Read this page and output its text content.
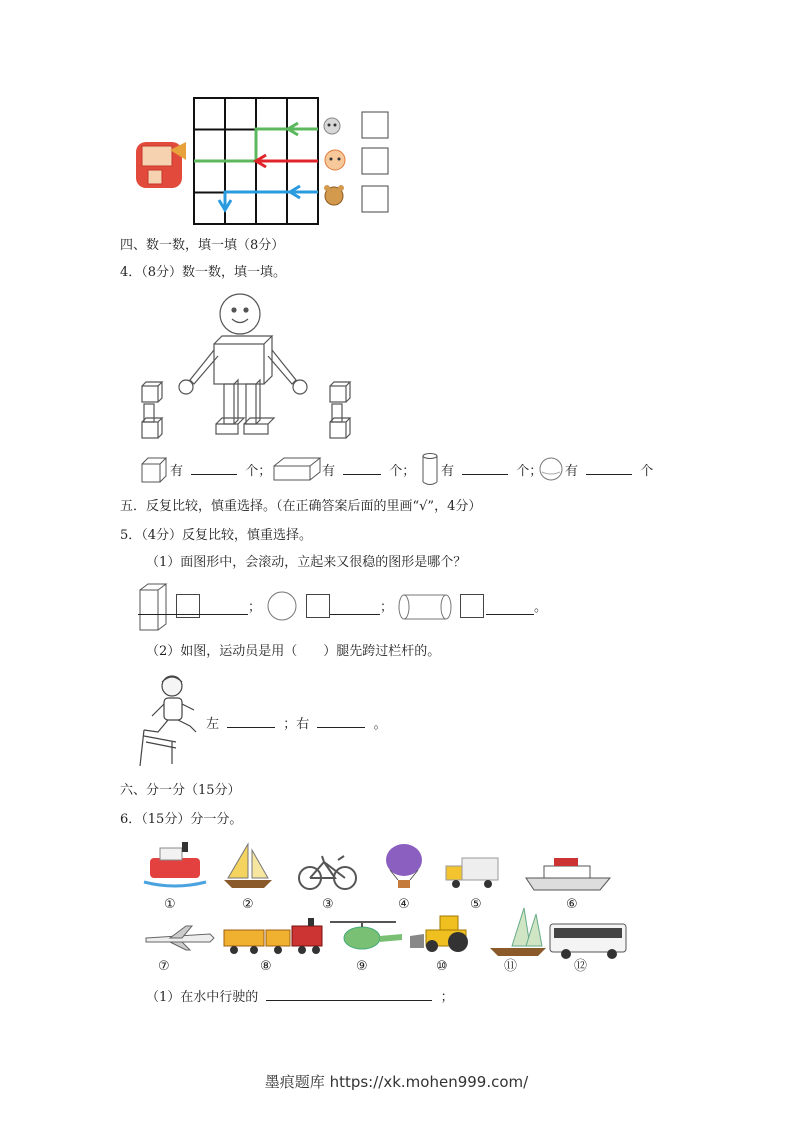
四、数一数，填一填（8分）
4．（8分）数一数，填一填。
有	个；	有	个； 有	个； 有	个
五．反复比较，慎重选择。（在正确答案后面的里画“√”，4分）
5．（4分）反复比较，慎重选择。
（1）面图形中，会滚动，立起来又很稳的图形是哪个？
；	；	。
（2）如图，运动员是用（　　）腿先跨过栏杆的。
左	；右	。
六、分一分（15分）
6．（15分）分一分。
①	②	③	④	⑤	⑥
⑦	⑧	⑨	⑩	⑪	⑫
（1）在水中行驶的	；
墨痕题库 https://xk.mohen999.com/
